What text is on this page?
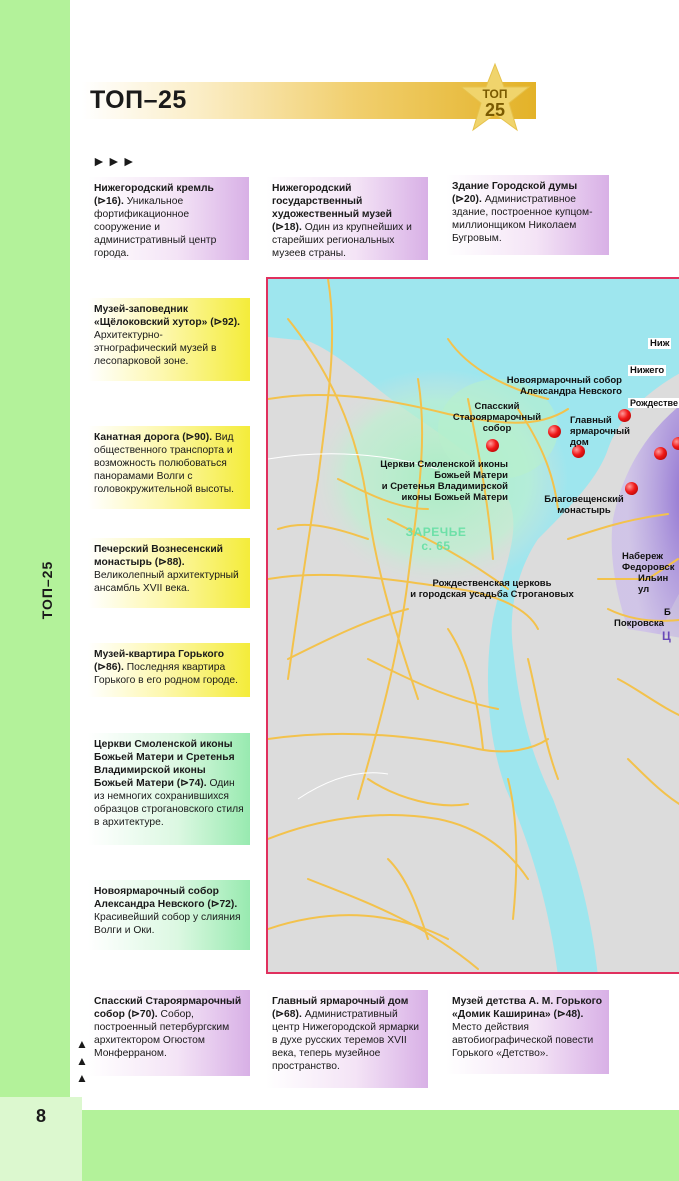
8
ТОП–25
ТОП–25	ТОП
25
►►►
▲
▲
▲
Нижегородский кремль (⊳16). Уникальное фортификационное сооружение и административный центр города.
Нижегородский государственный художественный музей (⊳18). Один из крупнейших и старейших региональных музеев страны.
Здание Городской думы (⊳20). Административное здание, построенное купцом-миллионщиком Николаем Бугровым.
Музей-заповедник «Щёлоковский хутор» (⊳92). Архитектурно-этнографический музей в лесопарковой зоне.
Канатная дорога (⊳90). Вид общественного транспорта и возможность полюбоваться панорамами Волги с головокружительной высоты.
Печерский Вознесенский монастырь (⊳88). Великолепный архитектурный ансамбль XVII века.
Музей-квартира Горького (⊳86). Последняя квартира Горького в его родном городе.
Церкви Смоленской иконы Божьей Матери и Сретенья Владимирской иконы Божьей Матери (⊳74). Один из немногих сохранившихся образцов строгановского стиля в архитектуре.
Новоярмарочный собор Александра Невского (⊳72). Красивейший собор у слияния Волги и Оки.
Спасский Староярмарочный собор (⊳70). Собор, построенный петербургским архитектором Огюстом Монферраном.
Главный ярмарочный дом (⊳68). Административный центр Нижегородской ярмарки в духе русских теремов XVII века, теперь музейное пространство.
Музей детства А. М. Горького «Домик Каширина» (⊳48). Место действия автобиографической повести Горького «Детство».
Новоярмарочный собор
Александра Невского
Спасский
Староярмарочный
собор
Главный
ярмарочный
дом
Церкви Смоленской иконы
Божьей Матери
и Сретенья Владимирской
иконы Божьей Матери	Благовещенский
монастырь
Рождественская церковь
и городская усадьба Строгановых
Набереж
Федоровск
Ильин
ул
Б
Покровска
Ц
Ниж
Нижего
Рождестве
ЗАРЕЧЬЕ
с. 65
